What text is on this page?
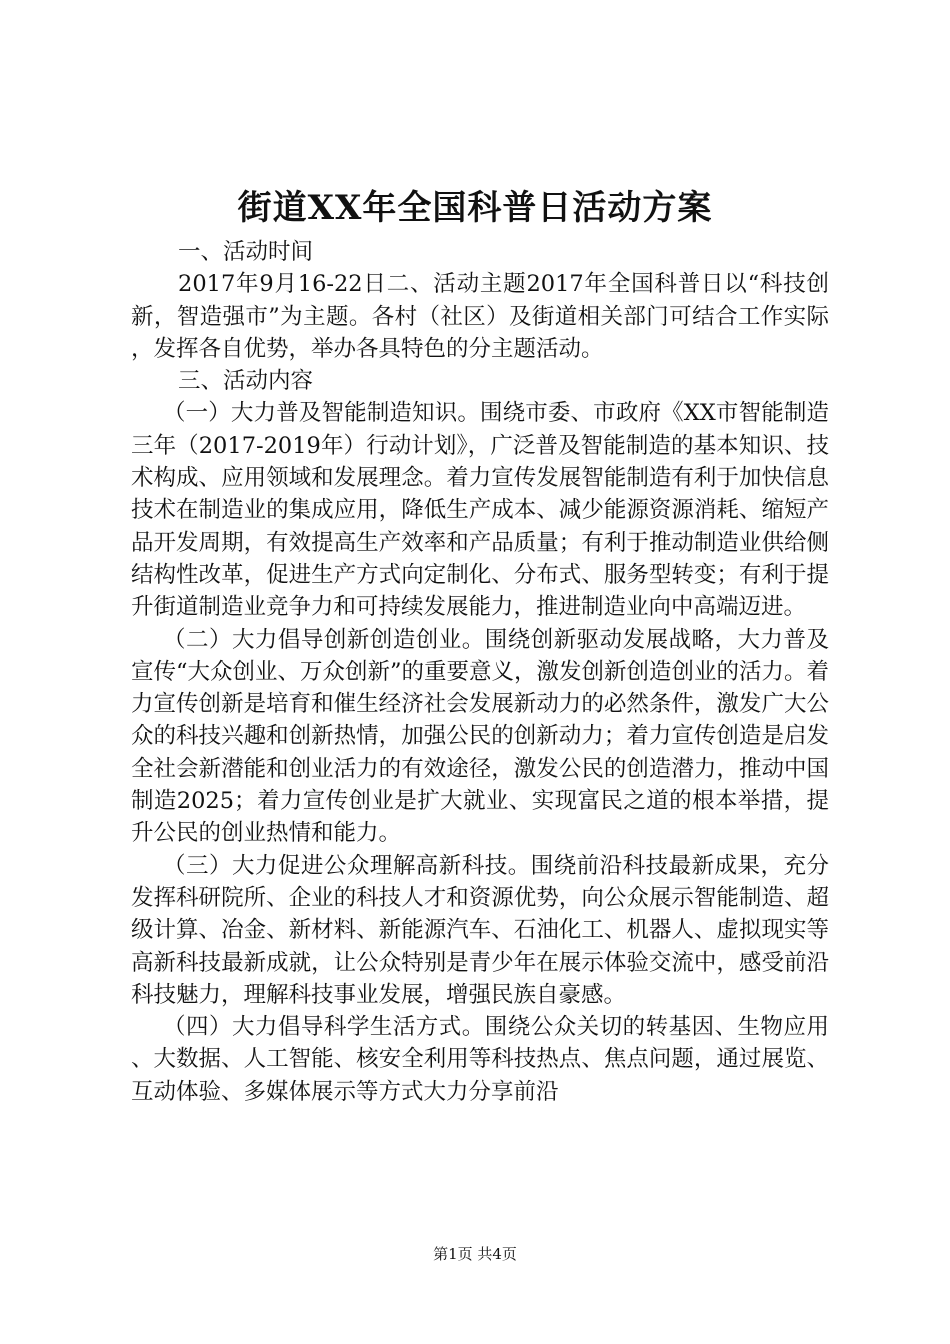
街道XX年全国科普日活动方案

一、活动时间

2017年9月16-22日二、活动主题2017年全国科普日以“科技创新，智造强市”为主题。各村（社区）及街道相关部门可结合工作实际，发挥各自优势，举办各具特色的分主题活动。

三、活动内容

（一）大力普及智能制造知识。围绕市委、市政府《XX市智能制造三年（2017-2019年）行动计划》，广泛普及智能制造的基本知识、技术构成、应用领域和发展理念。着力宣传发展智能制造有利于加快信息技术在制造业的集成应用，降低生产成本、减少能源资源消耗、缩短产品开发周期，有效提高生产效率和产品质量；有利于推动制造业供给侧结构性改革，促进生产方式向定制化、分布式、服务型转变；有利于提升街道制造业竞争力和可持续发展能力，推进制造业向中高端迈进。

（二）大力倡导创新创造创业。围绕创新驱动发展战略，大力普及宣传“大众创业、万众创新”的重要意义，激发创新创造创业的活力。着力宣传创新是培育和催生经济社会发展新动力的必然条件，激发广大公众的科技兴趣和创新热情，加强公民的创新动力；着力宣传创造是启发全社会新潜能和创业活力的有效途径，激发公民的创造潜力，推动中国制造2025；着力宣传创业是扩大就业、实现富民之道的根本举措，提升公民的创业热情和能力。

（三）大力促进公众理解高新科技。围绕前沿科技最新成果，充分发挥科研院所、企业的科技人才和资源优势，向公众展示智能制造、超级计算、冶金、新材料、新能源汽车、石油化工、机器人、虚拟现实等高新科技最新成就，让公众特别是青少年在展示体验交流中，感受前沿科技魅力，理解科技事业发展，增强民族自豪感。

（四）大力倡导科学生活方式。围绕公众关切的转基因、生物应用、大数据、人工智能、核安全利用等科技热点、焦点问题，通过展览、互动体验、多媒体展示等方式大力分享前沿

第1页 共4页
